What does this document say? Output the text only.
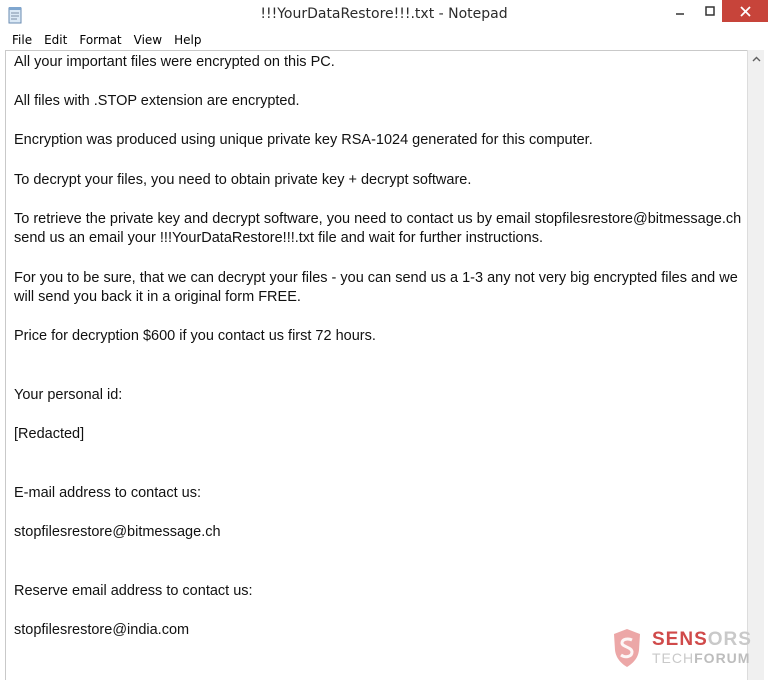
!!!YourDataRestore!!!.txt - Notepad
File	Edit	Format	View	Help
All your important files were encrypted on this PC.
All files with .STOP extension are encrypted.
Encryption was produced using unique private key RSA-1024 generated for this computer.
To decrypt your files, you need to obtain private key + decrypt software.
To retrieve the private key and decrypt software, you need to contact us by email stopfilesrestore@bitmessage.ch
send us an email your !!!YourDataRestore!!!.txt file and wait for further instructions.
For you to be sure, that we can decrypt your files - you can send us a 1-3 any not very big encrypted files and we
will send you back it in a original form FREE.
Price for decryption $600 if you contact us first 72 hours.
Your personal id:
[Redacted]
E-mail address to contact us:
stopfilesrestore@bitmessage.ch
Reserve email address to contact us:
stopfilesrestore@india.com	SENSORS
TECHFORUM
